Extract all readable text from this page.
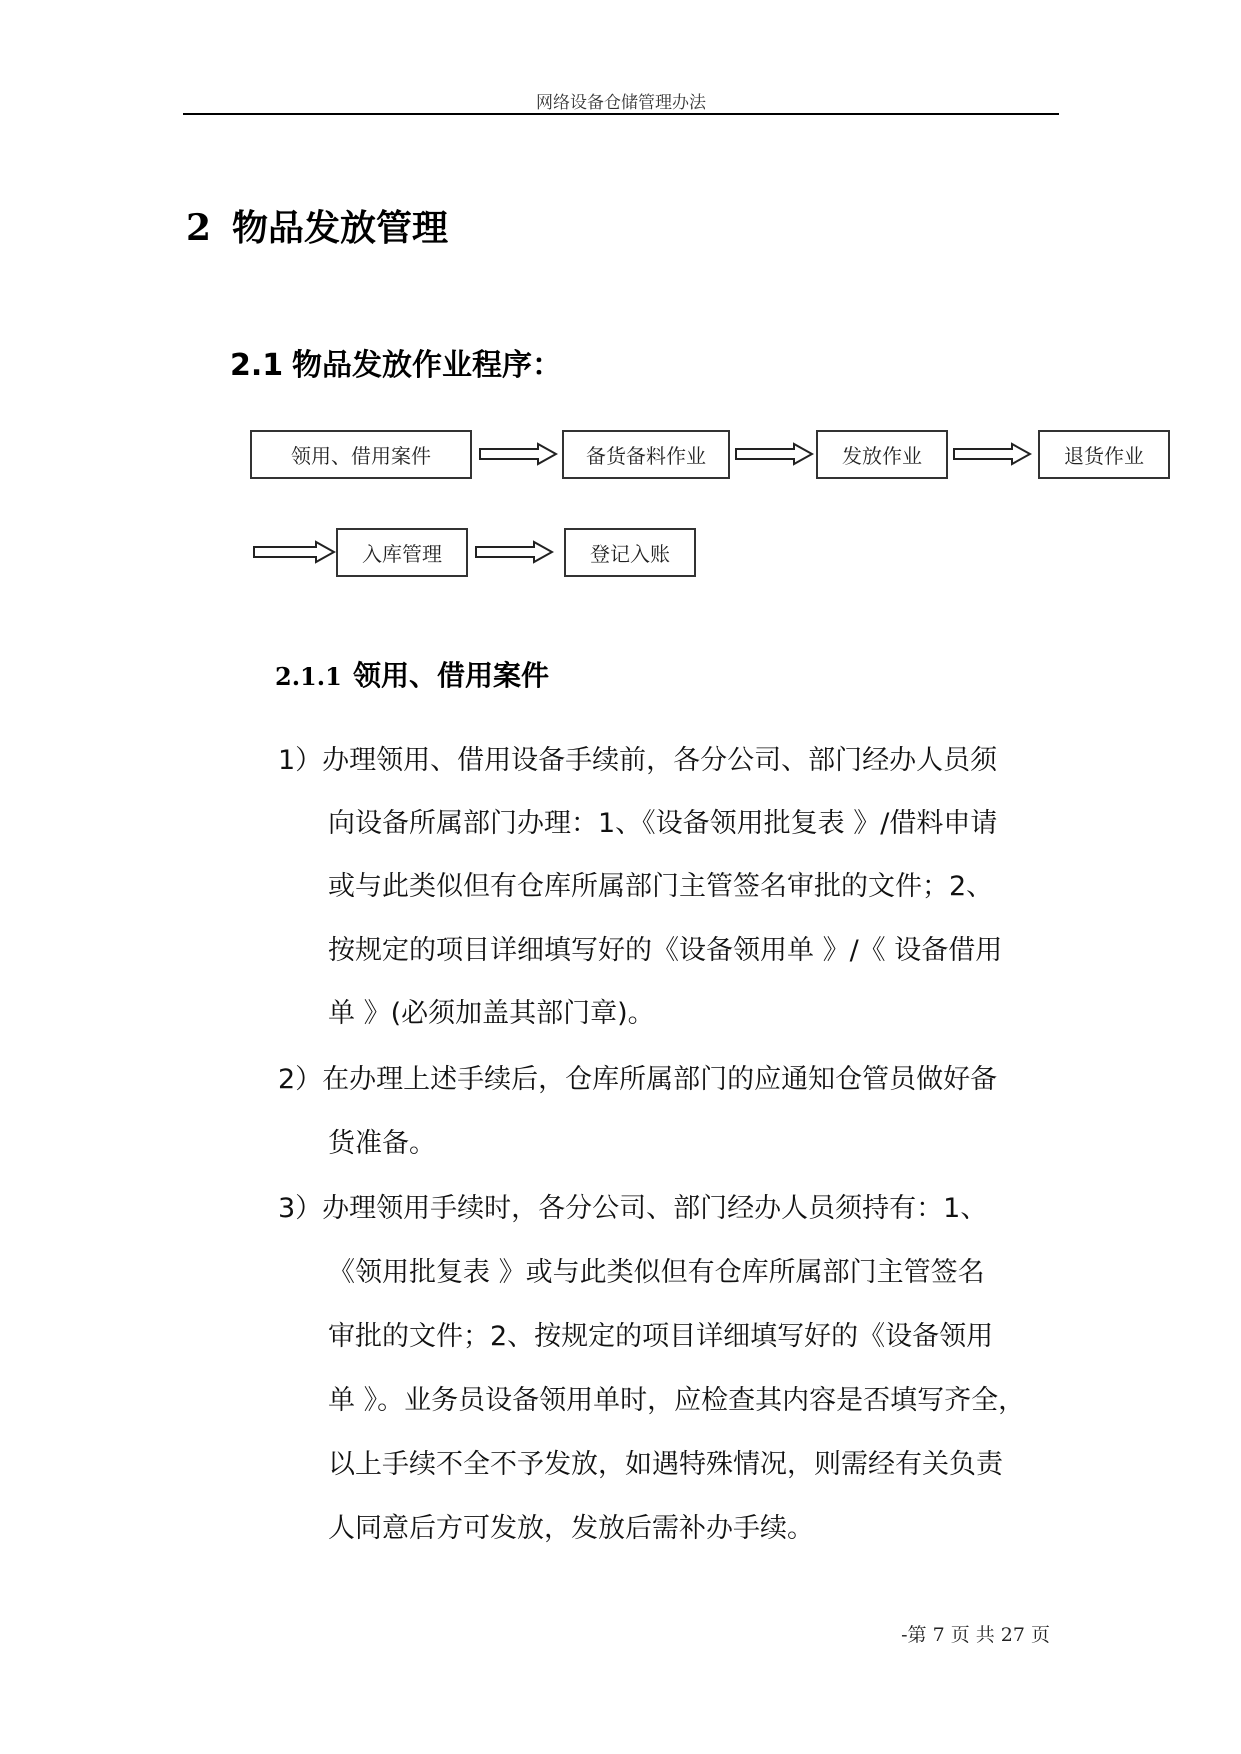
网络设备仓储管理办法
2 物品发放管理
2.1 物品发放作业程序：
领用、借用案件	备货备料作业	发放作业	退货作业
入库管理	登记入账
2.1.1 领用、借用案件
1）办理领用、借用设备手续前，各分公司、部门经办人员须
向设备所属部门办理：1、《设备领用批复表 》/借料申请
或与此类似但有仓库所属部门主管签名审批的文件；2、
按规定的项目详细填写好的《设备领用单 》/《 设备借用
单 》(必须加盖其部门章)。
2）在办理上述手续后，仓库所属部门的应通知仓管员做好备
货准备。
3）办理领用手续时，各分公司、部门经办人员须持有：1、
《领用批复表 》或与此类似但有仓库所属部门主管签名
审批的文件；2、按规定的项目详细填写好的《设备领用
单 》。业务员设备领用单时，应检查其内容是否填写齐全，
以上手续不全不予发放，如遇特殊情况，则需经有关负责
人同意后方可发放，发放后需补办手续。
-第 7 页 共 27 页
